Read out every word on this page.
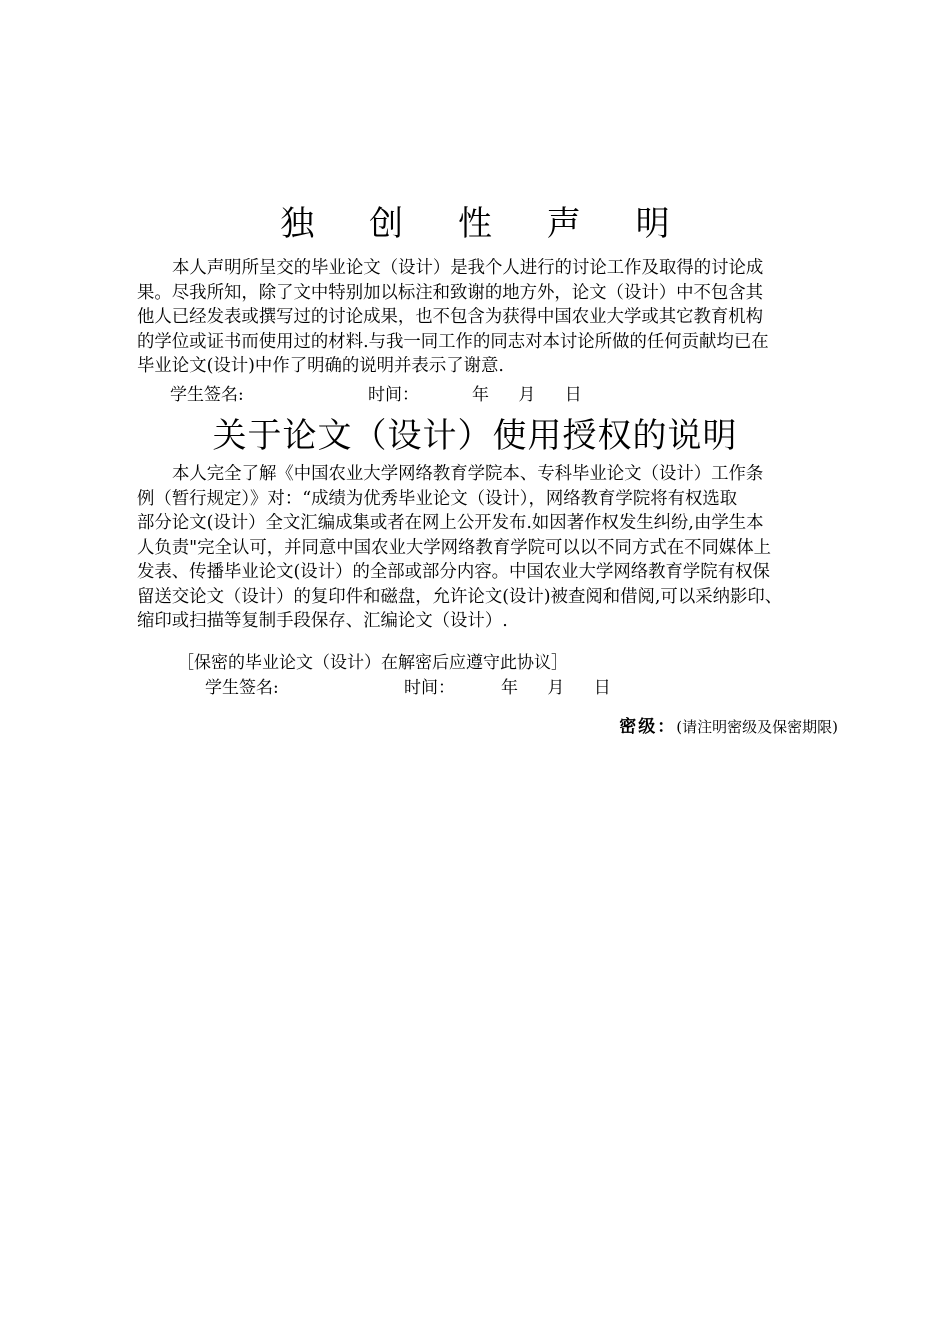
独 创 性 声 明
本人声明所呈交的毕业论文（设计）是我个人进行的讨论工作及取得的讨论成
果。尽我所知，除了文中特别加以标注和致谢的地方外，论文（设计）中不包含其
他人已经发表或撰写过的讨论成果，也不包含为获得中国农业大学或其它教育机构
的学位或证书而使用过的材料.与我一同工作的同志对本讨论所做的任何贡献均已在
毕业论文(设计)中作了明确的说明并表示了谢意.
学生签名:	时间：	年 月 日
关于论文（设计）使用授权的说明
本人完全了解《中国农业大学网络教育学院本、专科毕业论文（设计）工作条
例（暂行规定）》对：“成绩为优秀毕业论文（设计），网络教育学院将有权选取
部分论文(设计）全文汇编成集或者在网上公开发布.如因著作权发生纠纷,由学生本
人负责"完全认可，并同意中国农业大学网络教育学院可以以不同方式在不同媒体上
发表、传播毕业论文(设计）的全部或部分内容。中国农业大学网络教育学院有权保
留送交论文（设计）的复印件和磁盘，允许论文(设计)被查阅和借阅,可以采纳影印、
缩印或扫描等复制手段保存、汇编论文（设计）.
［保密的毕业论文（设计）在解密后应遵守此协议］
学生签名:	时间：	年 月 日
密级：(请注明密级及保密期限)
